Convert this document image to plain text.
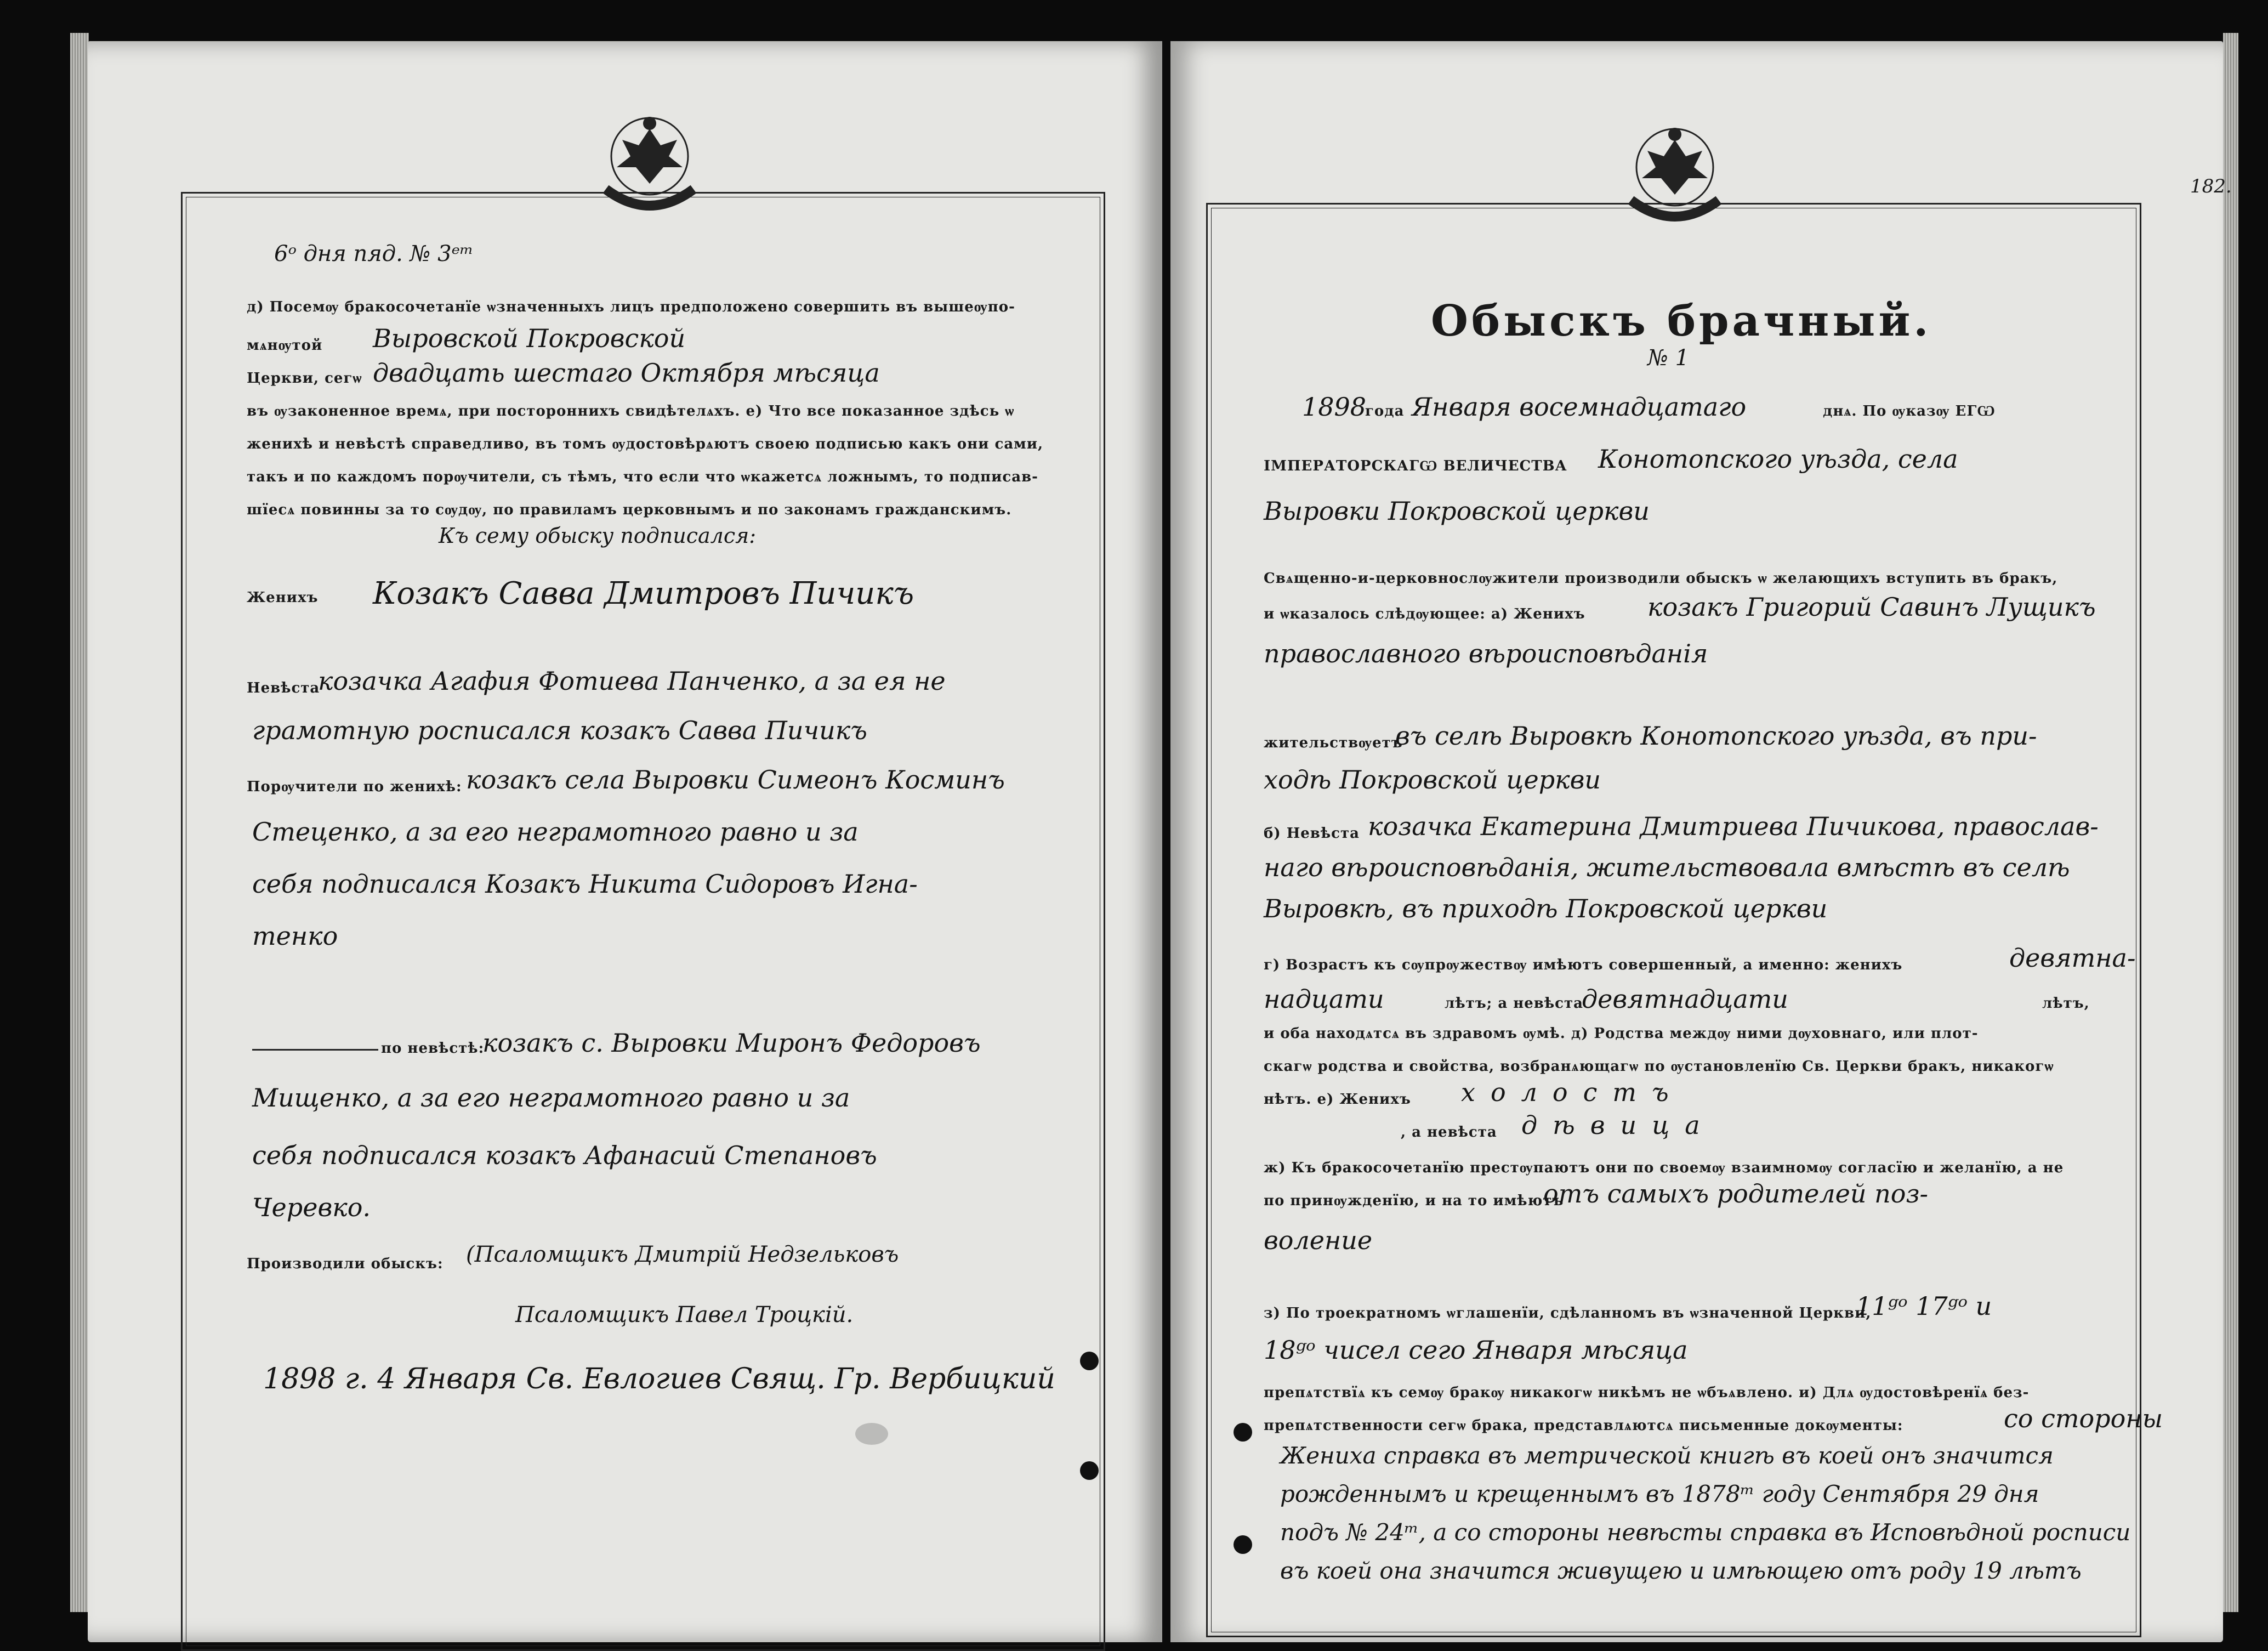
6ᵒ дня пяд. № 3ᵉᵐ
д) Посемѹ бракосочетанїе ѡзначенныхъ лицъ предположено совершить въ вышеѹпо-
мѧнѹтой Выровской Покровской
Церкви, сегѡ двадцать шестаго Октября мѣсяца
въ ѹзаконенное времѧ, при постороннихъ свидѣтелѧхъ. е) Что все показанное здѣсь ѡ
женихѣ и невѣстѣ справедливо, въ томъ ѹдостовѣрѧютъ своею подписью какъ они сами,
такъ и по каждомъ порѹчители, съ тѣмъ, что если что ѡкажетсѧ ложнымъ, то подписав-
шїесѧ повинны за то сѹдѹ, по правиламъ церковнымъ и по законамъ гражданскимъ.
Къ сему обыску подписался:
Женихъ Козакъ Савва Дмитровъ Пичикъ
Невѣста
козачка Агафия Фотиева Панченко, а за ея не
грамотную росписался козакъ Савва Пичикъ
Порѹчители по женихѣ: козакъ села Выровки Симеонъ Косминъ
Стеценко, а за его неграмотного равно и за
себя подписался Козакъ Никита Сидоровъ Игна-
тенко
по невѣстѣ:
козакъ с. Выровки Миронъ Федоровъ
Мищенко, а за его неграмотного равно и за
себя подписался козакъ Афанасий Степановъ
Черевко.
Производили обыскъ: (Псаломщикъ Дмитрій Недзельковъ
Псаломщикъ Павел Троцкій.
1898 г. 4 Января Св. Евлогиев Свящ. Гр. Вербицкий
182.
Обыскъ брачный.
№ 1
1898
года Января восемнадцатаго	днѧ. По ѹказѹ ЕГѠ
ІМПЕРАТОРСКАГѠ ВЕЛИЧЕСТВА Конотопского уѣзда, села
Выровки Покровской церкви
Свѧщенно-и-церковнослѹжители производили обыскъ ѡ желающихъ вступить въ бракъ,
и ѡказалось слѣдѹющее: а) Женихъ козакъ Григорий Савинъ Лущикъ
православного вѣроисповѣданія
жительствѹетъ
въ селѣ Выровкѣ Конотопского уѣзда, въ при-
ходѣ Покровской церкви
б) Невѣста козачка Екатерина Дмитриева Пичикова, православ-
наго вѣроисповѣданія, жительствовала вмѣстѣ въ селѣ
Выровкѣ, въ приходѣ Покровской церкви
г) Возрастъ къ сѹпрѹжествѹ имѣютъ совершенный, а именно: женихъ	девятна-
надцати	лѣтъ; а невѣста
девятнадцати	лѣтъ,
и оба находѧтсѧ въ здравомъ ѹмѣ. д) Родства междѹ ними дѹховнаго, или плот-
скагѡ родства и свойства, возбранѧющагѡ по ѹстановленїю Св. Церкви бракъ, никакогѡ
нѣтъ. е) Женихъ холостъ
, а невѣста дѣвица
ж) Къ бракосочетанїю престѹпаютъ они по своемѹ взаимномѹ согласїю и желанїю, а не
по принѹжденїю, и на то имѣютъ
отъ самыхъ родителей поз-
воление
з) По троекратномъ ѡглашенїи, сдѣланномъ въ ѡзначенной Церкви,
11ᵍᵒ 17ᵍᵒ и
18ᵍᵒ чисел сего Января мѣсяца
препѧтствїѧ къ семѹ бракѹ никакогѡ никѣмъ не ѡбъѧвлено. и) Длѧ ѹдостовѣренїѧ без-
препѧтственности сегѡ брака, представлѧютсѧ письменные докѹменты:	со стороны
Жениха справка въ метрической книгѣ въ коей онъ значится
рожденнымъ и крещеннымъ въ 1878ᵐ году Сентября 29 дня
подъ № 24ᵐ, а со стороны невѣсты справка въ Исповѣдной росписи
въ коей она значится живущею и имѣющею отъ роду 19 лѣтъ
